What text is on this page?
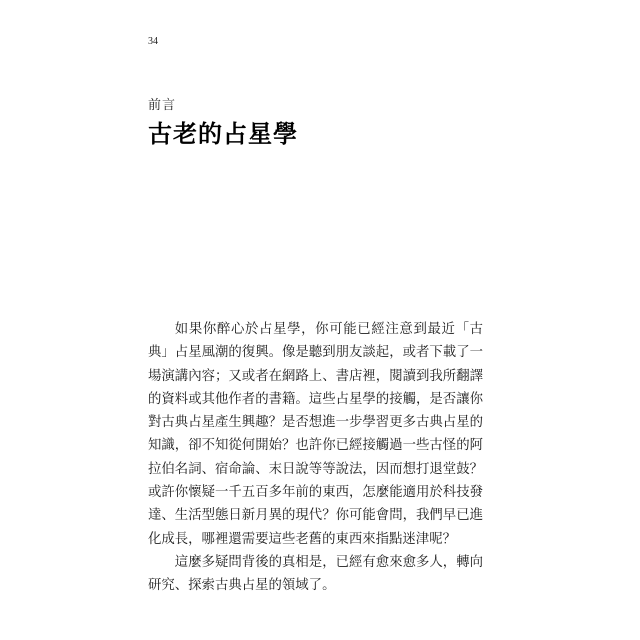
34
前言
古老的占星學

如果你醉心於占星學，你可能已經注意到最近「古典」占星風潮的復興。像是聽到朋友談起，或者下載了一場演講內容；又或者在網路上、書店裡，閱讀到我所翻譯的資料或其他作者的書籍。這些占星學的接觸，是否讓你對古典占星產生興趣？是否想進一步學習更多古典占星的知識，卻不知從何開始？也許你已經接觸過一些古怪的阿拉伯名詞、宿命論、末日說等等說法，因而想打退堂鼓？或許你懷疑一千五百多年前的東西，怎麼能適用於科技發達、生活型態日新月異的現代？你可能會問，我們早已進化成長，哪裡還需要這些老舊的東西來指點迷津呢？

這麼多疑問背後的真相是，已經有愈來愈多人，轉向研究、探索古典占星的領域了。
